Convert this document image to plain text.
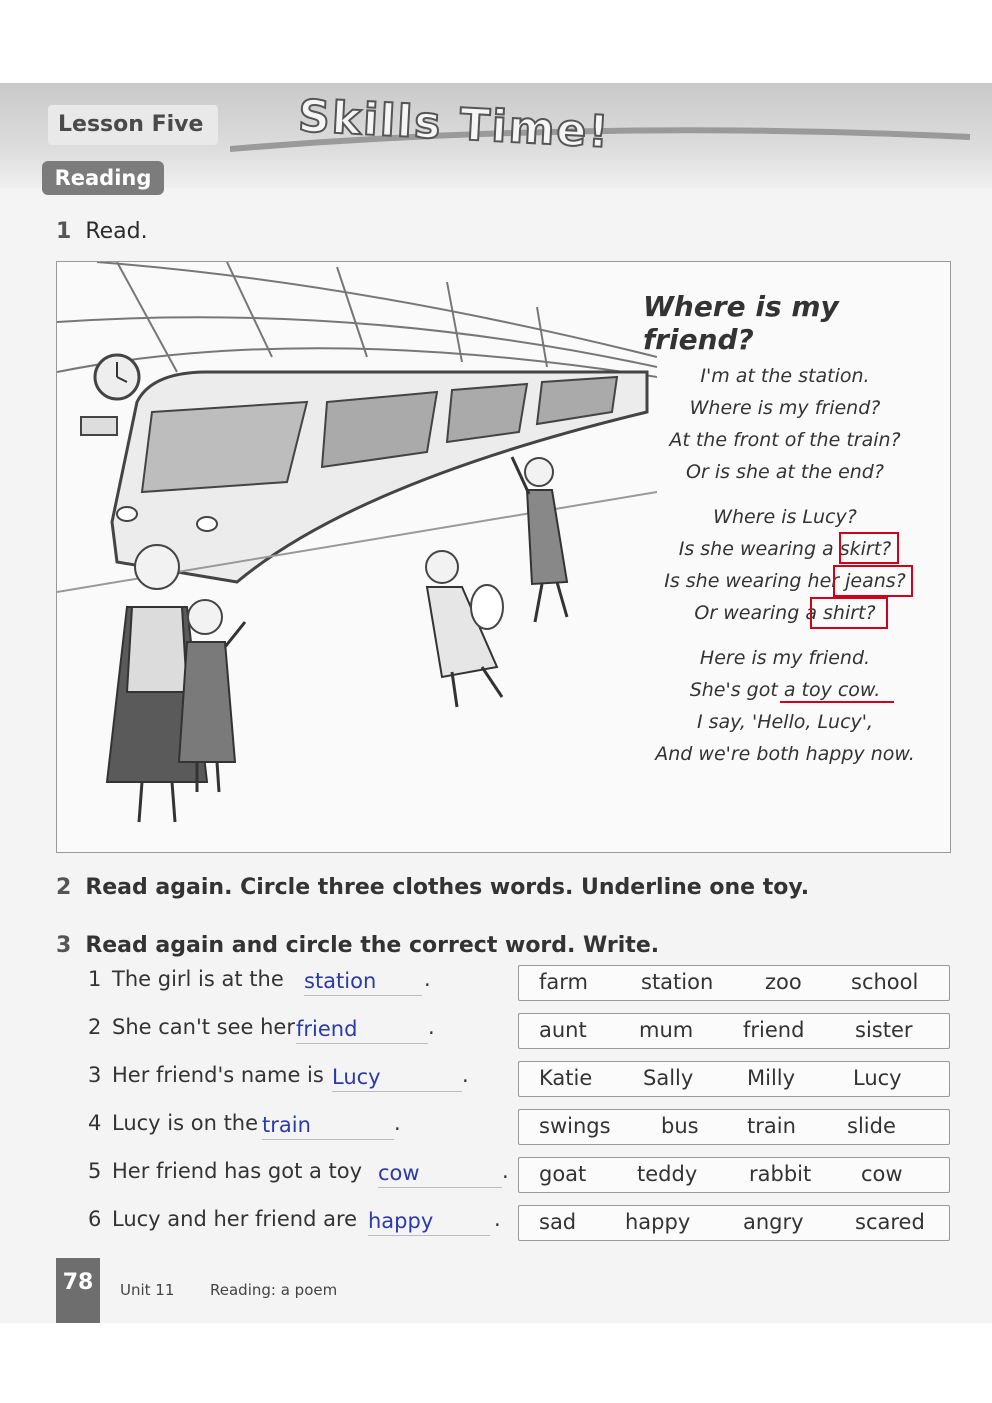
Lesson Five	Skills Time!
Reading
1 Read.
Where is my friend?
I'm at the station.
Where is my friend?
At the front of the train?
Or is she at the end?
Where is Lucy?
Is she wearing a skirt?
Is she wearing her jeans?
Or wearing a shirt?
Here is my friend.
She's got a toy cow.
I say, 'Hello, Lucy',
And we're both happy now.
2 Read again. Circle three clothes words. Underline one toy.
3 Read again and circle the correct word. Write.
1 The girl is at the station	.	farm	station zoo school
2 She can't see her friend	.	aunt mum friend sister
3 Her friend's name is Lucy	.	Katie Sally	Milly	Lucy
4 Lucy is on the train	.	swings bus train slide
5 Her friend has got a toy cow	. goat teddy rabbit cow
6 Lucy and her friend are happy	. sad happy	angry scared
78	Unit 11 Reading: a poem
